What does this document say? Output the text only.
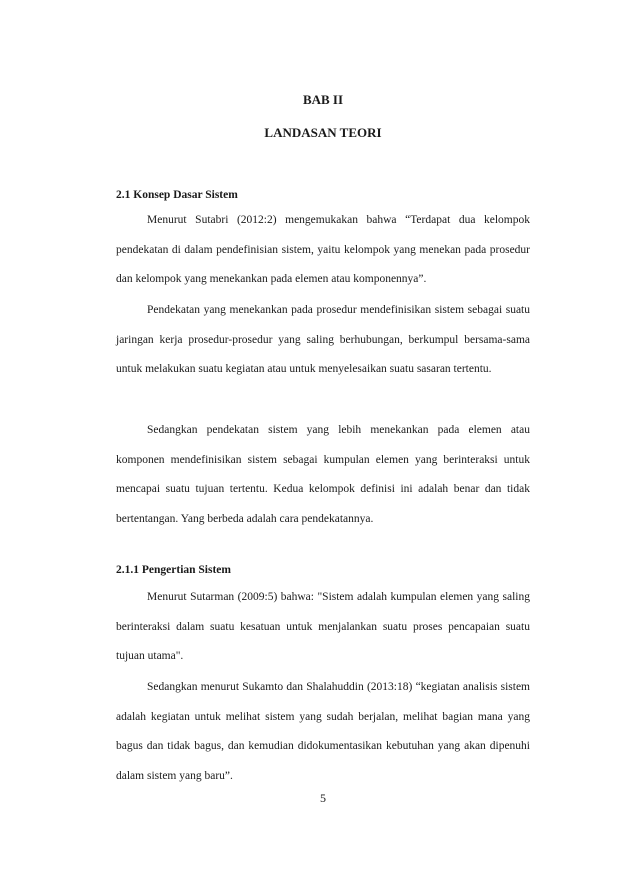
BAB II
LANDASAN TEORI
2.1 Konsep Dasar Sistem

Menurut Sutabri (2012:2) mengemukakan bahwa “Terdapat dua kelompok pendekatan di dalam pendefinisian sistem, yaitu kelompok yang menekan pada prosedur dan kelompok yang menekankan pada elemen atau komponennya”.

Pendekatan yang menekankan pada prosedur mendefinisikan sistem sebagai suatu jaringan kerja prosedur-prosedur yang saling berhubungan, berkumpul bersama-sama untuk melakukan suatu kegiatan atau untuk menyelesaikan suatu sasaran tertentu.

Sedangkan pendekatan sistem yang lebih menekankan pada elemen atau komponen mendefinisikan sistem sebagai kumpulan elemen yang berinteraksi untuk mencapai suatu tujuan tertentu. Kedua kelompok definisi ini adalah benar dan tidak bertentangan. Yang berbeda adalah cara pendekatannya.

2.1.1 Pengertian Sistem

Menurut Sutarman (2009:5) bahwa: "Sistem adalah kumpulan elemen yang saling berinteraksi dalam suatu kesatuan untuk menjalankan suatu proses pencapaian suatu tujuan utama".

Sedangkan menurut Sukamto dan Shalahuddin (2013:18) “kegiatan analisis sistem adalah kegiatan untuk melihat sistem yang sudah berjalan, melihat bagian mana yang bagus dan tidak bagus, dan kemudian didokumentasikan kebutuhan yang akan dipenuhi dalam sistem yang baru”.

5
